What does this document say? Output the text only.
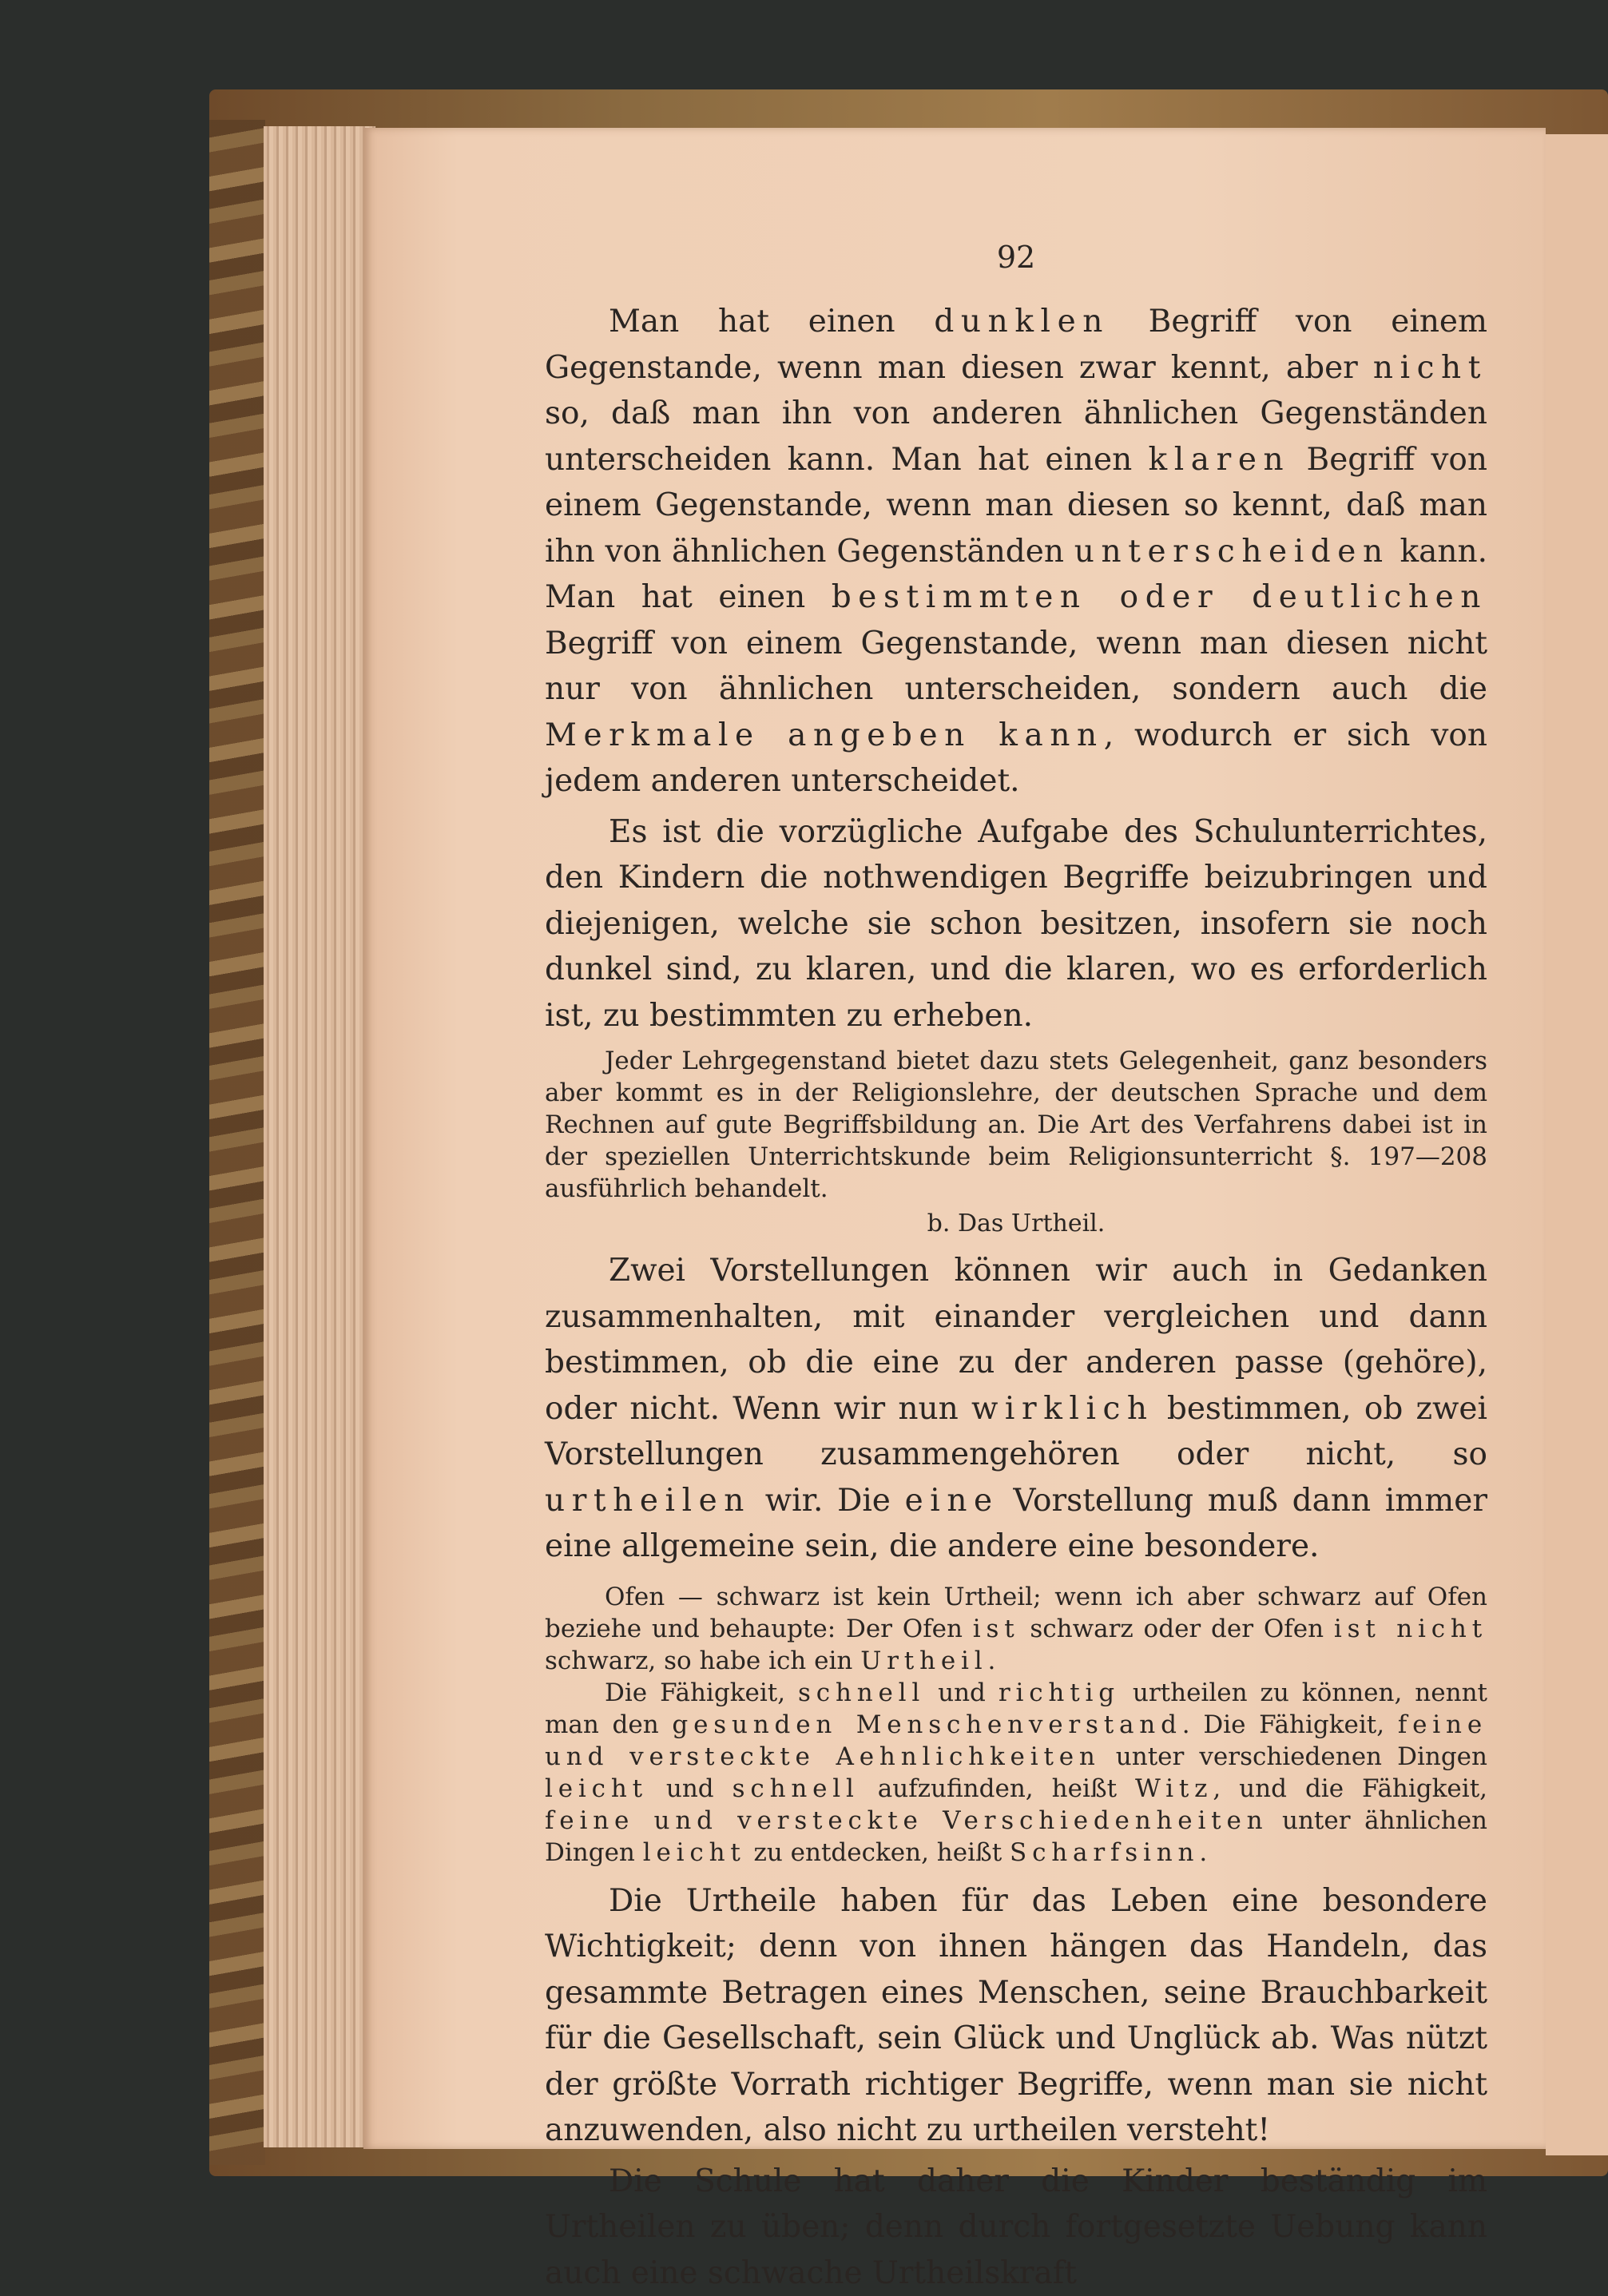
92

Man hat einen dunklen Begriff von einem Gegenstande, wenn man diesen zwar kennt, aber nicht so, daß man ihn von anderen ähnlichen Gegenständen unterscheiden kann. Man hat einen klaren Begriff von einem Gegenstande, wenn man diesen so kennt, daß man ihn von ähnlichen Gegenständen unterscheiden kann. Man hat einen bestimmten oder deutlichen Begriff von einem Gegenstande, wenn man diesen nicht nur von ähnlichen unterscheiden, sondern auch die Merkmale angeben kann, wodurch er sich von jedem anderen unterscheidet.

Es ist die vorzügliche Aufgabe des Schulunterrichtes, den Kindern die nothwendigen Begriffe beizubringen und diejenigen, welche sie schon besitzen, insofern sie noch dunkel sind, zu klaren, und die klaren, wo es erforderlich ist, zu bestimmten zu erheben.

Jeder Lehrgegenstand bietet dazu stets Gelegenheit, ganz besonders aber kommt es in der Religionslehre, der deutschen Sprache und dem Rechnen auf gute Begriffsbildung an. Die Art des Verfahrens dabei ist in der speziellen Unterrichtskunde beim Religionsunterricht §. 197—208 ausführlich behandelt.

b. Das Urtheil.

Zwei Vorstellungen können wir auch in Gedanken zusammenhalten, mit einander vergleichen und dann bestimmen, ob die eine zu der anderen passe (gehöre), oder nicht. Wenn wir nun wirklich bestimmen, ob zwei Vorstellungen zusammengehören oder nicht, so urtheilen wir. Die eine Vorstellung muß dann immer eine allgemeine sein, die andere eine besondere.

Ofen — schwarz ist kein Urtheil; wenn ich aber schwarz auf Ofen beziehe und behaupte: Der Ofen ist schwarz oder der Ofen ist nicht schwarz, so habe ich ein Urtheil.

Die Fähigkeit, schnell und richtig urtheilen zu können, nennt man den gesunden Menschenverstand. Die Fähigkeit, feine und versteckte Aehnlichkeiten unter verschiedenen Dingen leicht und schnell aufzufinden, heißt Witz, und die Fähigkeit, feine und versteckte Verschiedenheiten unter ähnlichen Dingen leicht zu entdecken, heißt Scharfsinn.

Die Urtheile haben für das Leben eine besondere Wichtigkeit; denn von ihnen hängen das Handeln, das gesammte Betragen eines Menschen, seine Brauchbarkeit für die Gesellschaft, sein Glück und Unglück ab. Was nützt der größte Vorrath richtiger Begriffe, wenn man sie nicht anzuwenden, also nicht zu urtheilen versteht!

Die Schule hat daher die Kinder beständig im Urtheilen zu üben; denn durch fortgesetzte Uebung kann auch eine schwache Urtheilskraft
